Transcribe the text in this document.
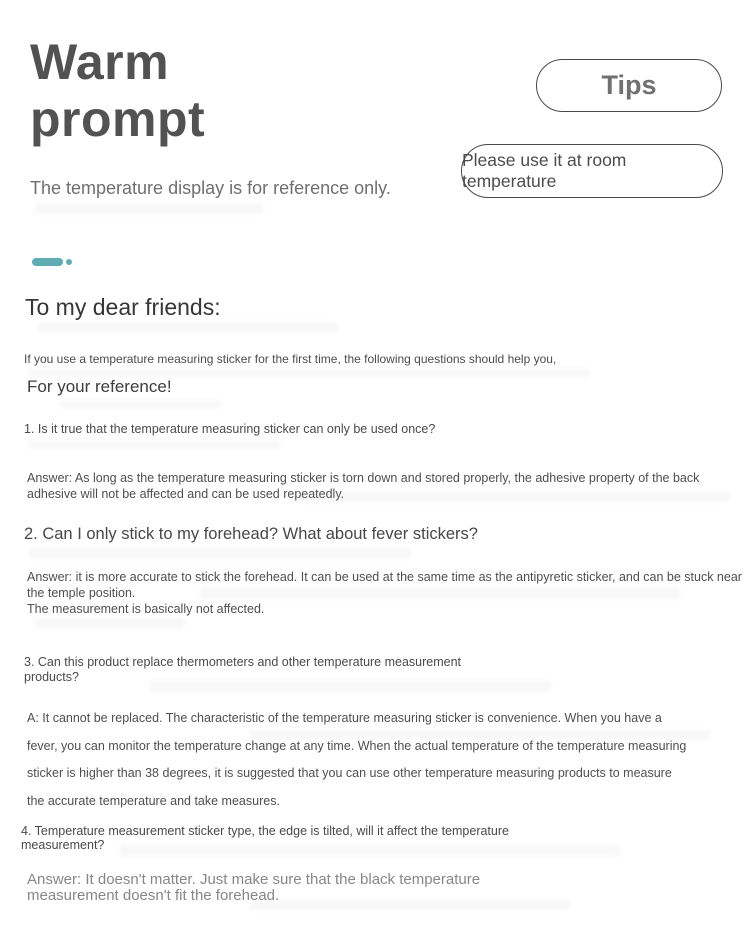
Warm
prompt
The temperature display is for reference only.
Tips
Please use it at room temperature
To my dear friends:
If you use a temperature measuring sticker for the first time, the following questions should help you,
For your reference!
1. Is it true that the temperature measuring sticker can only be used once?
Answer: As long as the temperature measuring sticker is torn down and stored properly, the adhesive property of the back adhesive will not be affected and can be used repeatedly.
2. Can I only stick to my forehead? What about fever stickers?
Answer: it is more accurate to stick the forehead. It can be used at the same time as the antipyretic sticker, and can be stuck near the temple position.
The measurement is basically not affected.
3. Can this product replace thermometers and other temperature measurement products?
A: It cannot be replaced. The characteristic of the temperature measuring sticker is convenience. When you have a fever, you can monitor the temperature change at any time. When the actual temperature of the temperature measuring sticker is higher than 38 degrees, it is suggested that you can use other temperature measuring products to measure the accurate temperature and take measures.
4. Temperature measurement sticker type, the edge is tilted, will it affect the temperature measurement?
Answer: It doesn't matter. Just make sure that the black temperature measurement doesn't fit the forehead.
